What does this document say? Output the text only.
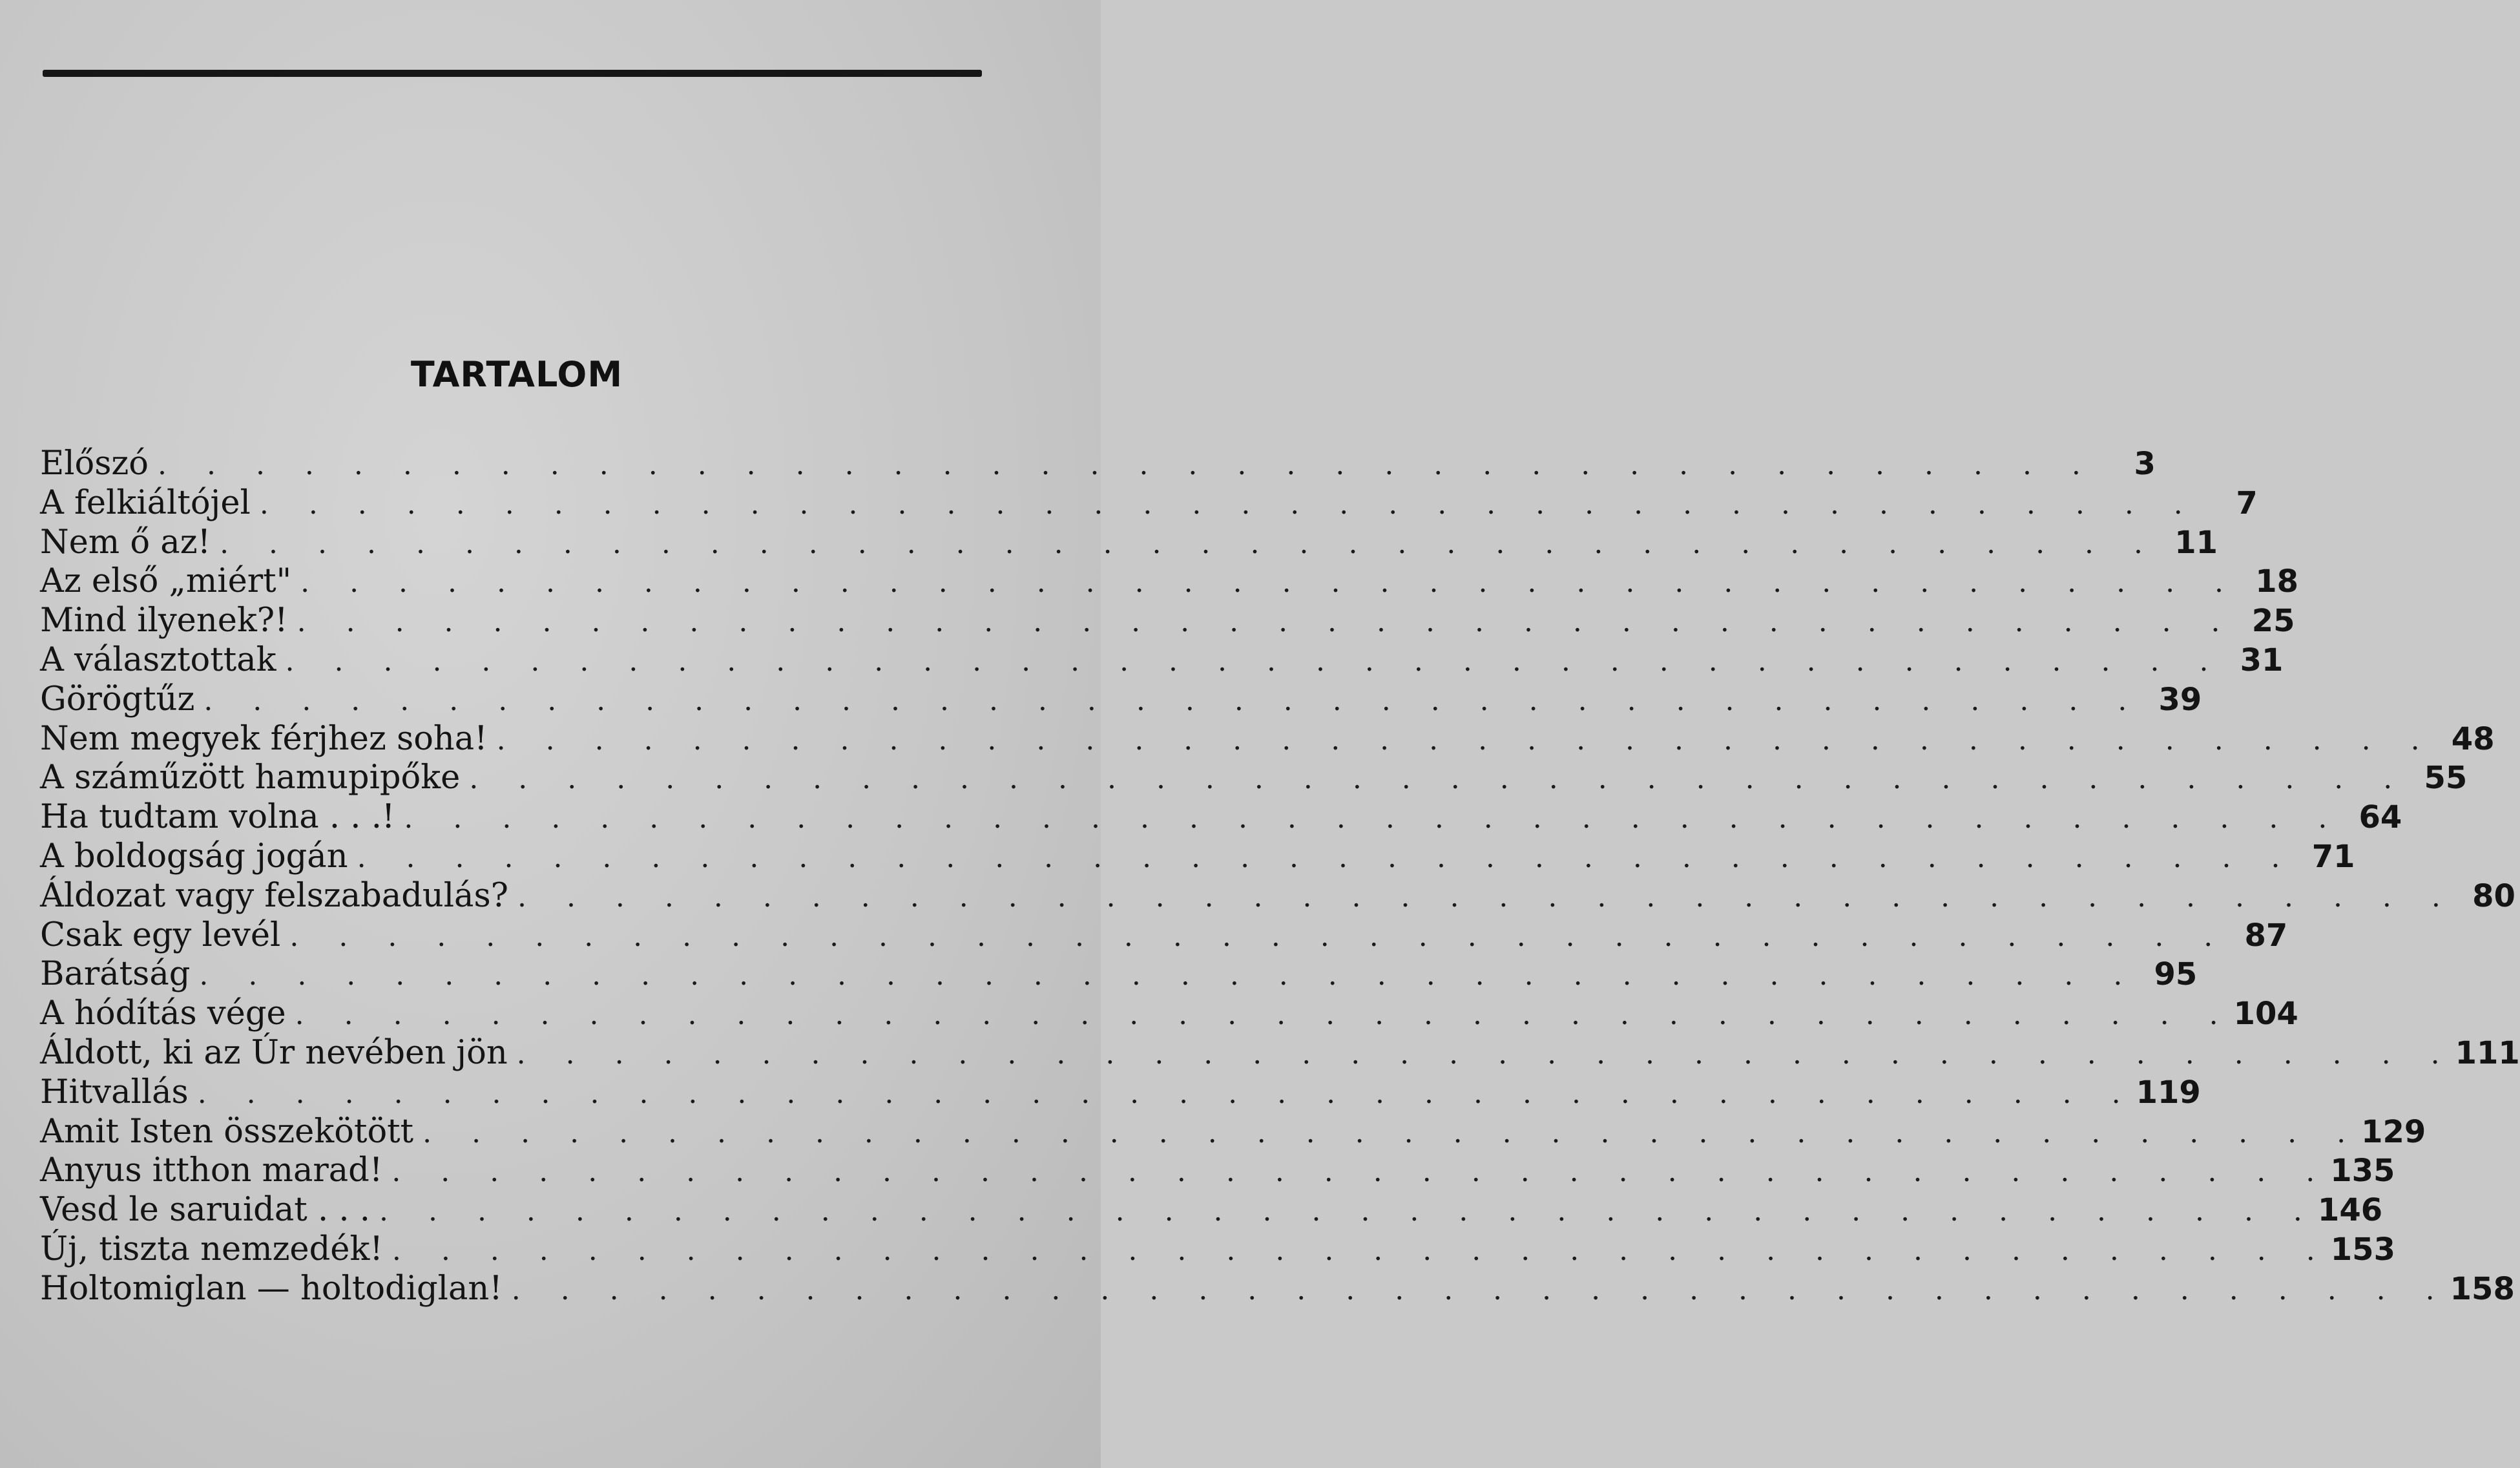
TARTALOM
Előszó . . . . . . . . . . . . . . . . . . . . . . . . . . . . . . . . . . . . . . . .	3
A felkiáltójel . . . . . . . . . . . . . . . . . . . . . . . . . . . . . . . . . . . . . . . .	7
Nem ő az! . . . . . . . . . . . . . . . . . . . . . . . . . . . . . . . . . . . . . . . . 11
Az első „miért" . . . . . . . . . . . . . . . . . . . . . . . . . . . . . . . . . . . . . . . . 18
Mind ilyenek?! . . . . . . . . . . . . . . . . . . . . . . . . . . . . . . . . . . . . . . . . 25
A választottak . . . . . . . . . . . . . . . . . . . . . . . . . . . . . . . . . . . . . . . . 31
Görögtűz . . . . . . . . . . . . . . . . . . . . . . . . . . . . . . . . . . . . . . . . 39
Nem megyek férjhez soha! . . . . . . . . . . . . . . . . . . . . . . . . . . . . . . . . . . . . . . . . 48
A száműzött hamupipőke . . . . . . . . . . . . . . . . . . . . . . . . . . . . . . . . . . . . . . . . 55
Ha tudtam volna . . .! . . . . . . . . . . . . . . . . . . . . . . . . . . . . . . . . . . . . . . . . 64
A boldogság jogán . . . . . . . . . . . . . . . . . . . . . . . . . . . . . . . . . . . . . . . . 71
Áldozat vagy felszabadulás? . . . . . . . . . . . . . . . . . . . . . . . . . . . . . . . . . . . . . . . . 80
Csak egy levél . . . . . . . . . . . . . . . . . . . . . . . . . . . . . . . . . . . . . . . . 87
Barátság . . . . . . . . . . . . . . . . . . . . . . . . . . . . . . . . . . . . . . . . 95
A hódítás vége . . . . . . . . . . . . . . . . . . . . . . . . . . . . . . . . . . . . . . . . 104
Áldott, ki az Úr nevében jön . . . . . . . . . . . . . . . . . . . . . . . . . . . . . . . . . . . . . . . . 111
Hitvallás . . . . . . . . . . . . . . . . . . . . . . . . . . . . . . . . . . . . . . . . 119
Amit Isten összekötött . . . . . . . . . . . . . . . . . . . . . . . . . . . . . . . . . . . . . . . . 129
Anyus itthon marad! . . . . . . . . . . . . . . . . . . . . . . . . . . . . . . . . . . . . . . . . 135
Vesd le saruidat . . . . . . . . . . . . . . . . . . . . . . . . . . . . . . . . . . . . . . . . . . . 146
Új, tiszta nemzedék! . . . . . . . . . . . . . . . . . . . . . . . . . . . . . . . . . . . . . . . . 153
Holtomiglan — holtodiglan! . . . . . . . . . . . . . . . . . . . . . . . . . . . . . . . . . . . . . . . . 158
